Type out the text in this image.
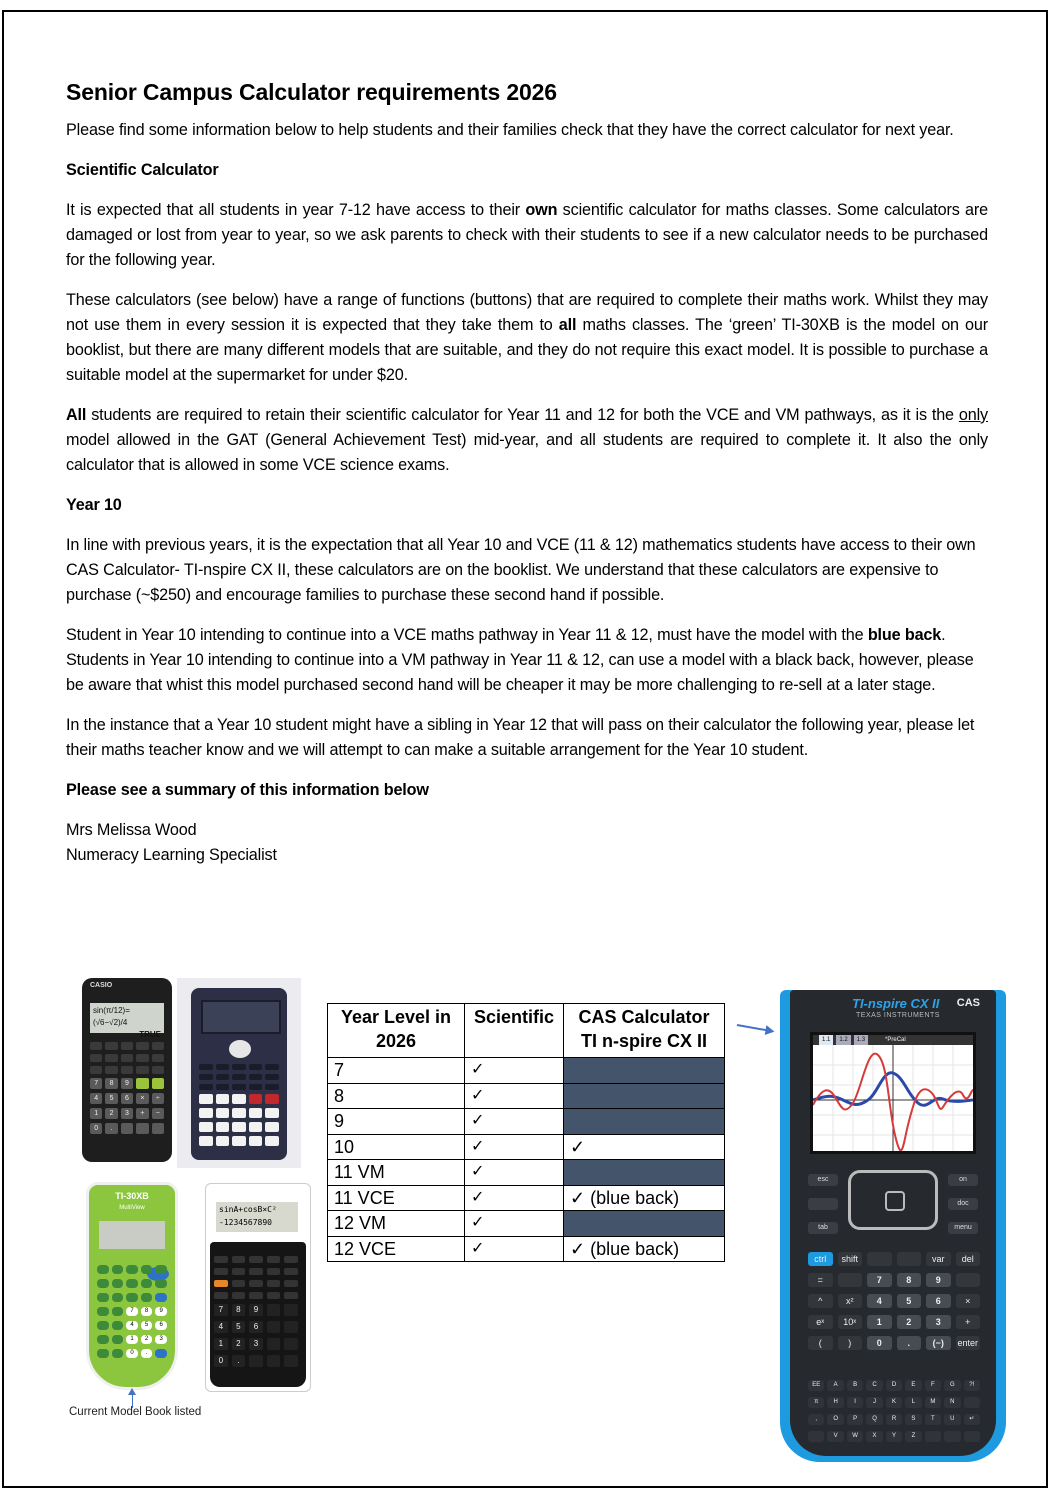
Senior Campus Calculator requirements 2026

Please find some information below to help students and their families check that they have the correct calculator for next year.

Scientific Calculator

It is expected that all students in year 7-12 have access to their own scientific calculator for maths classes. Some calculators are damaged or lost from year to year, so we ask parents to check with their students to see if a new calculator needs to be purchased for the following year.

These calculators (see below) have a range of functions (buttons) that are required to complete their maths work. Whilst they may not use them in every session it is expected that they take them to all maths classes. The ‘green’ TI-30XB is the model on our booklist, but there are many different models that are suitable, and they do not require this exact model. It is possible to purchase a suitable model at the supermarket for under $20.

All students are required to retain their scientific calculator for Year 11 and 12 for both the VCE and VM pathways, as it is the only model allowed in the GAT (General Achievement Test) mid-year, and all students are required to complete it. It also the only calculator that is allowed in some VCE science exams.

Year 10

In line with previous years, it is the expectation that all Year 10 and VCE (11 & 12) mathematics students have access to their own CAS Calculator- TI-nspire CX II, these calculators are on the booklist. We understand that these calculators are expensive to purchase (~$250) and encourage families to purchase these second hand if possible.

Student in Year 10 intending to continue into a VCE maths pathway in Year 11 & 12, must have the model with the blue back. Students in Year 10 intending to continue into a VM pathway in Year 11 & 12, can use a model with a black back, however, please be aware that whist this model purchased second hand will be cheaper it may be more challenging to re-sell at a later stage.

In the instance that a Year 10 student might have a sibling in Year 12 that will pass on their calculator the following year, please let their maths teacher know and we will attempt to can make a suitable arrangement for the Year 10 student.

Please see a summary of this information below

Mrs Melissa Wood

Numeracy Learning Specialist

Year Level in 2026	Scientific	CAS Calculator TI n-spire CX II
7	✓	
8	✓	
9	✓	
10	✓	✓
11 VM	✓	
11 VCE	✓	✓ (blue back)
12 VM	✓	
12 VCE	✓	✓ (blue back)
CASIO
sin(π/12)=(√6−√2)/4
TRUE
7	8	9
4	5	6	×	÷
1	2	3	+	−
0	.
TI-30XB
MultiView
7	8	9
4	5	6
1	2	3
0	.
sinA+cosB×C²
-1234567890
7	8	9
4	5	6
1	2	3
0	.
Current Model Book listed
TI-nspire CX II CAS
TEXAS INSTRUMENTS
1.1	1.2	1.3	*PreCal
esc
tab
on
doc
menu
ctrl	shift	var	del
=	7	8	9
^	x²	4	5	6	×
eˣ	10ˣ	1	2	3	+
(	)	0	.	(−)	enter
EE	A	B	C	D	E	F	G	?!
π	H	I	J	K	L	M	N
,	O	P	Q	R	S	T	U	↵
V	W	X	Y	Z
